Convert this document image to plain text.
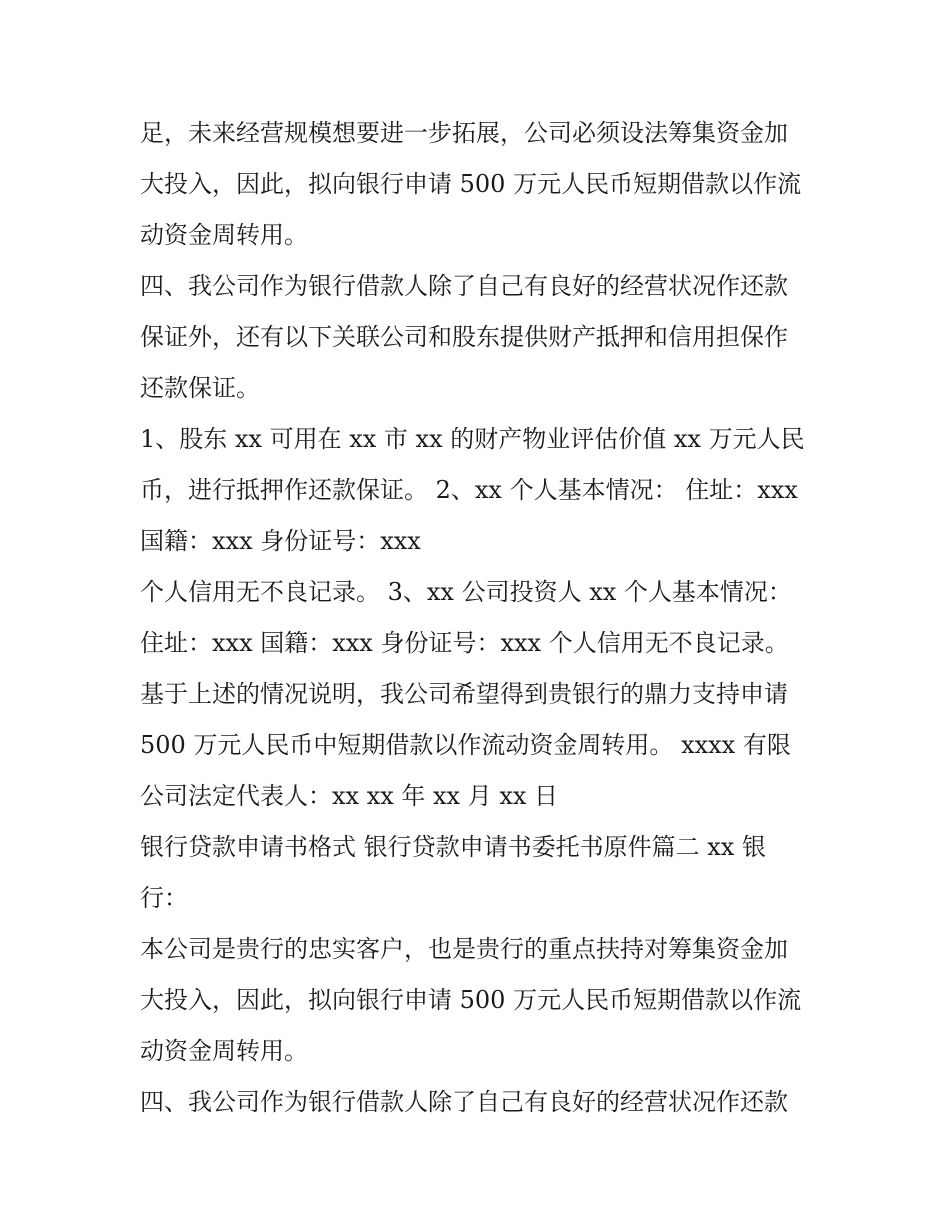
足，未来经营规模想要进一步拓展，公司必须设法筹集资金加
大投入，因此，拟向银行申请 500 万元人民币短期借款以作流
动资金周转用。
四、我公司作为银行借款人除了自己有良好的经营状况作还款
保证外，还有以下关联公司和股东提供财产抵押和信用担保作
还款保证。
1、股东 xx 可用在 xx 市 xx 的财产物业评估价值 xx 万元人民
币，进行抵押作还款保证。 2、xx 个人基本情况： 住址：xxx
国籍：xxx 身份证号：xxx
个人信用无不良记录。 3、xx 公司投资人 xx 个人基本情况：
住址：xxx 国籍：xxx 身份证号：xxx 个人信用无不良记录。
基于上述的情况说明，我公司希望得到贵银行的鼎力支持申请
500 万元人民币中短期借款以作流动资金周转用。 xxxx 有限
公司法定代表人：xx xx 年 xx 月 xx 日
银行贷款申请书格式 银行贷款申请书委托书原件篇二 xx 银
行：
本公司是贵行的忠实客户，也是贵行的重点扶持对筹集资金加
大投入，因此，拟向银行申请 500 万元人民币短期借款以作流
动资金周转用。
四、我公司作为银行借款人除了自己有良好的经营状况作还款
